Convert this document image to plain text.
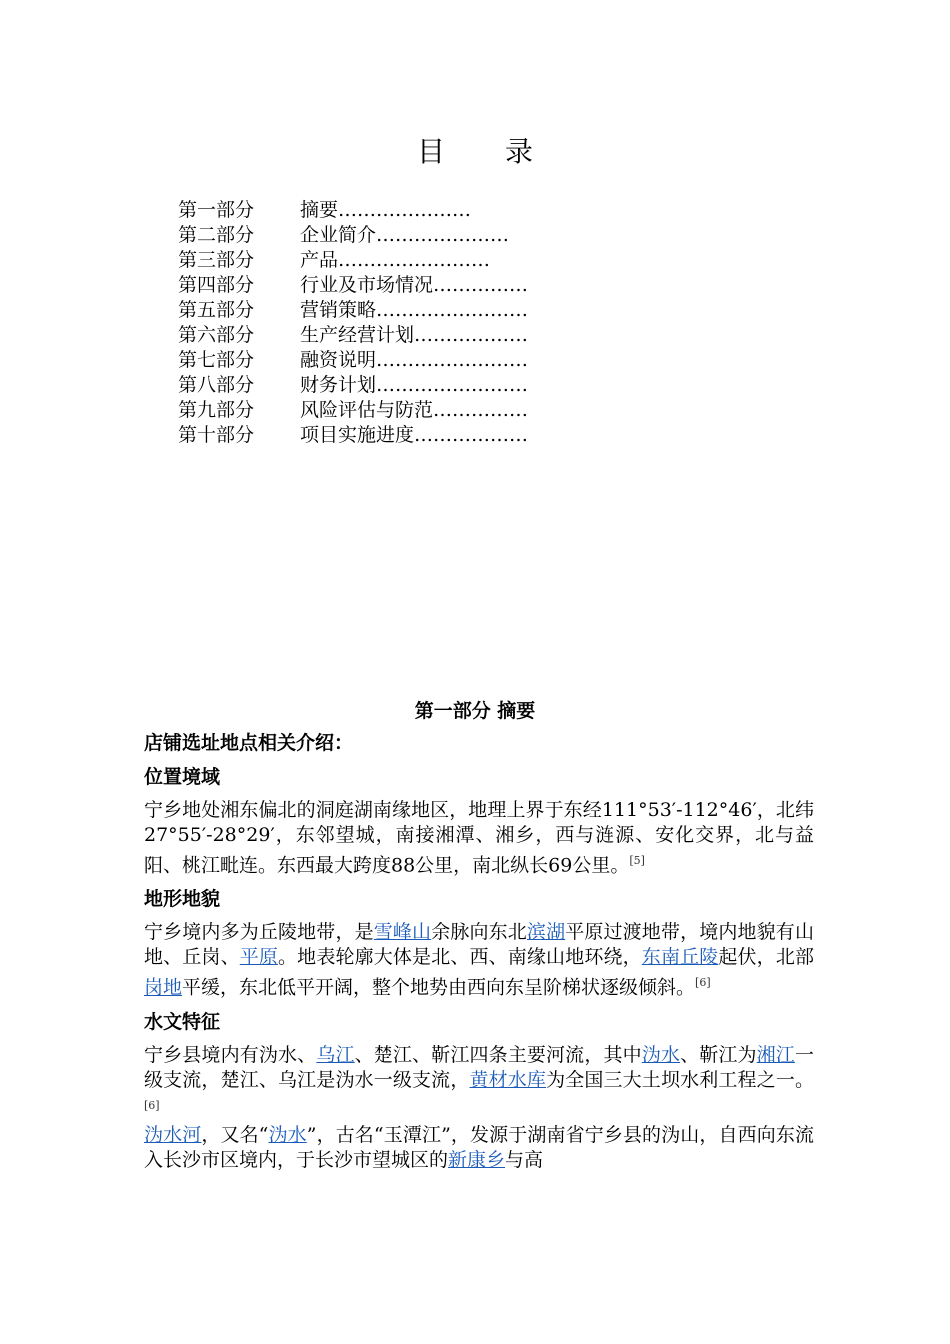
目 录
第一部分 摘要…………………
第二部分 企业简介…………………
第三部分 产品……………………
第四部分 行业及市场情况……………
第五部分 营销策略……………………
第六部分 生产经营计划………………
第七部分 融资说明……………………
第八部分 财务计划……………………
第九部分 风险评估与防范……………
第十部分 项目实施进度………………
第一部分 摘要
店铺选址地点相关介绍：
位置境域
宁乡地处湘东偏北的洞庭湖南缘地区，地理上界于东经111°53′-112°46′，北纬27°55′-28°29′，东邻望城，南接湘潭、湘乡，西与涟源、安化交界，北与益阳、桃江毗连。东西最大跨度88公里，南北纵长69公里。[5]
地形地貌
宁乡境内多为丘陵地带，是雪峰山余脉向东北滨湖平原过渡地带，境内地貌有山地、丘岗、平原。地表轮廓大体是北、西、南缘山地环绕，东南丘陵起伏，北部岗地平缓，东北低平开阔，整个地势由西向东呈阶梯状逐级倾斜。[6]
水文特征
宁乡县境内有沩水、乌江、楚江、靳江四条主要河流，其中沩水、靳江为湘江一级支流，楚江、乌江是沩水一级支流，黄材水库为全国三大土坝水利工程之一。[6]
沩水河，又名“沩水”，古名“玉潭江”，发源于湖南省宁乡县的沩山，自西向东流入长沙市区境内，于长沙市望城区的新康乡与高
